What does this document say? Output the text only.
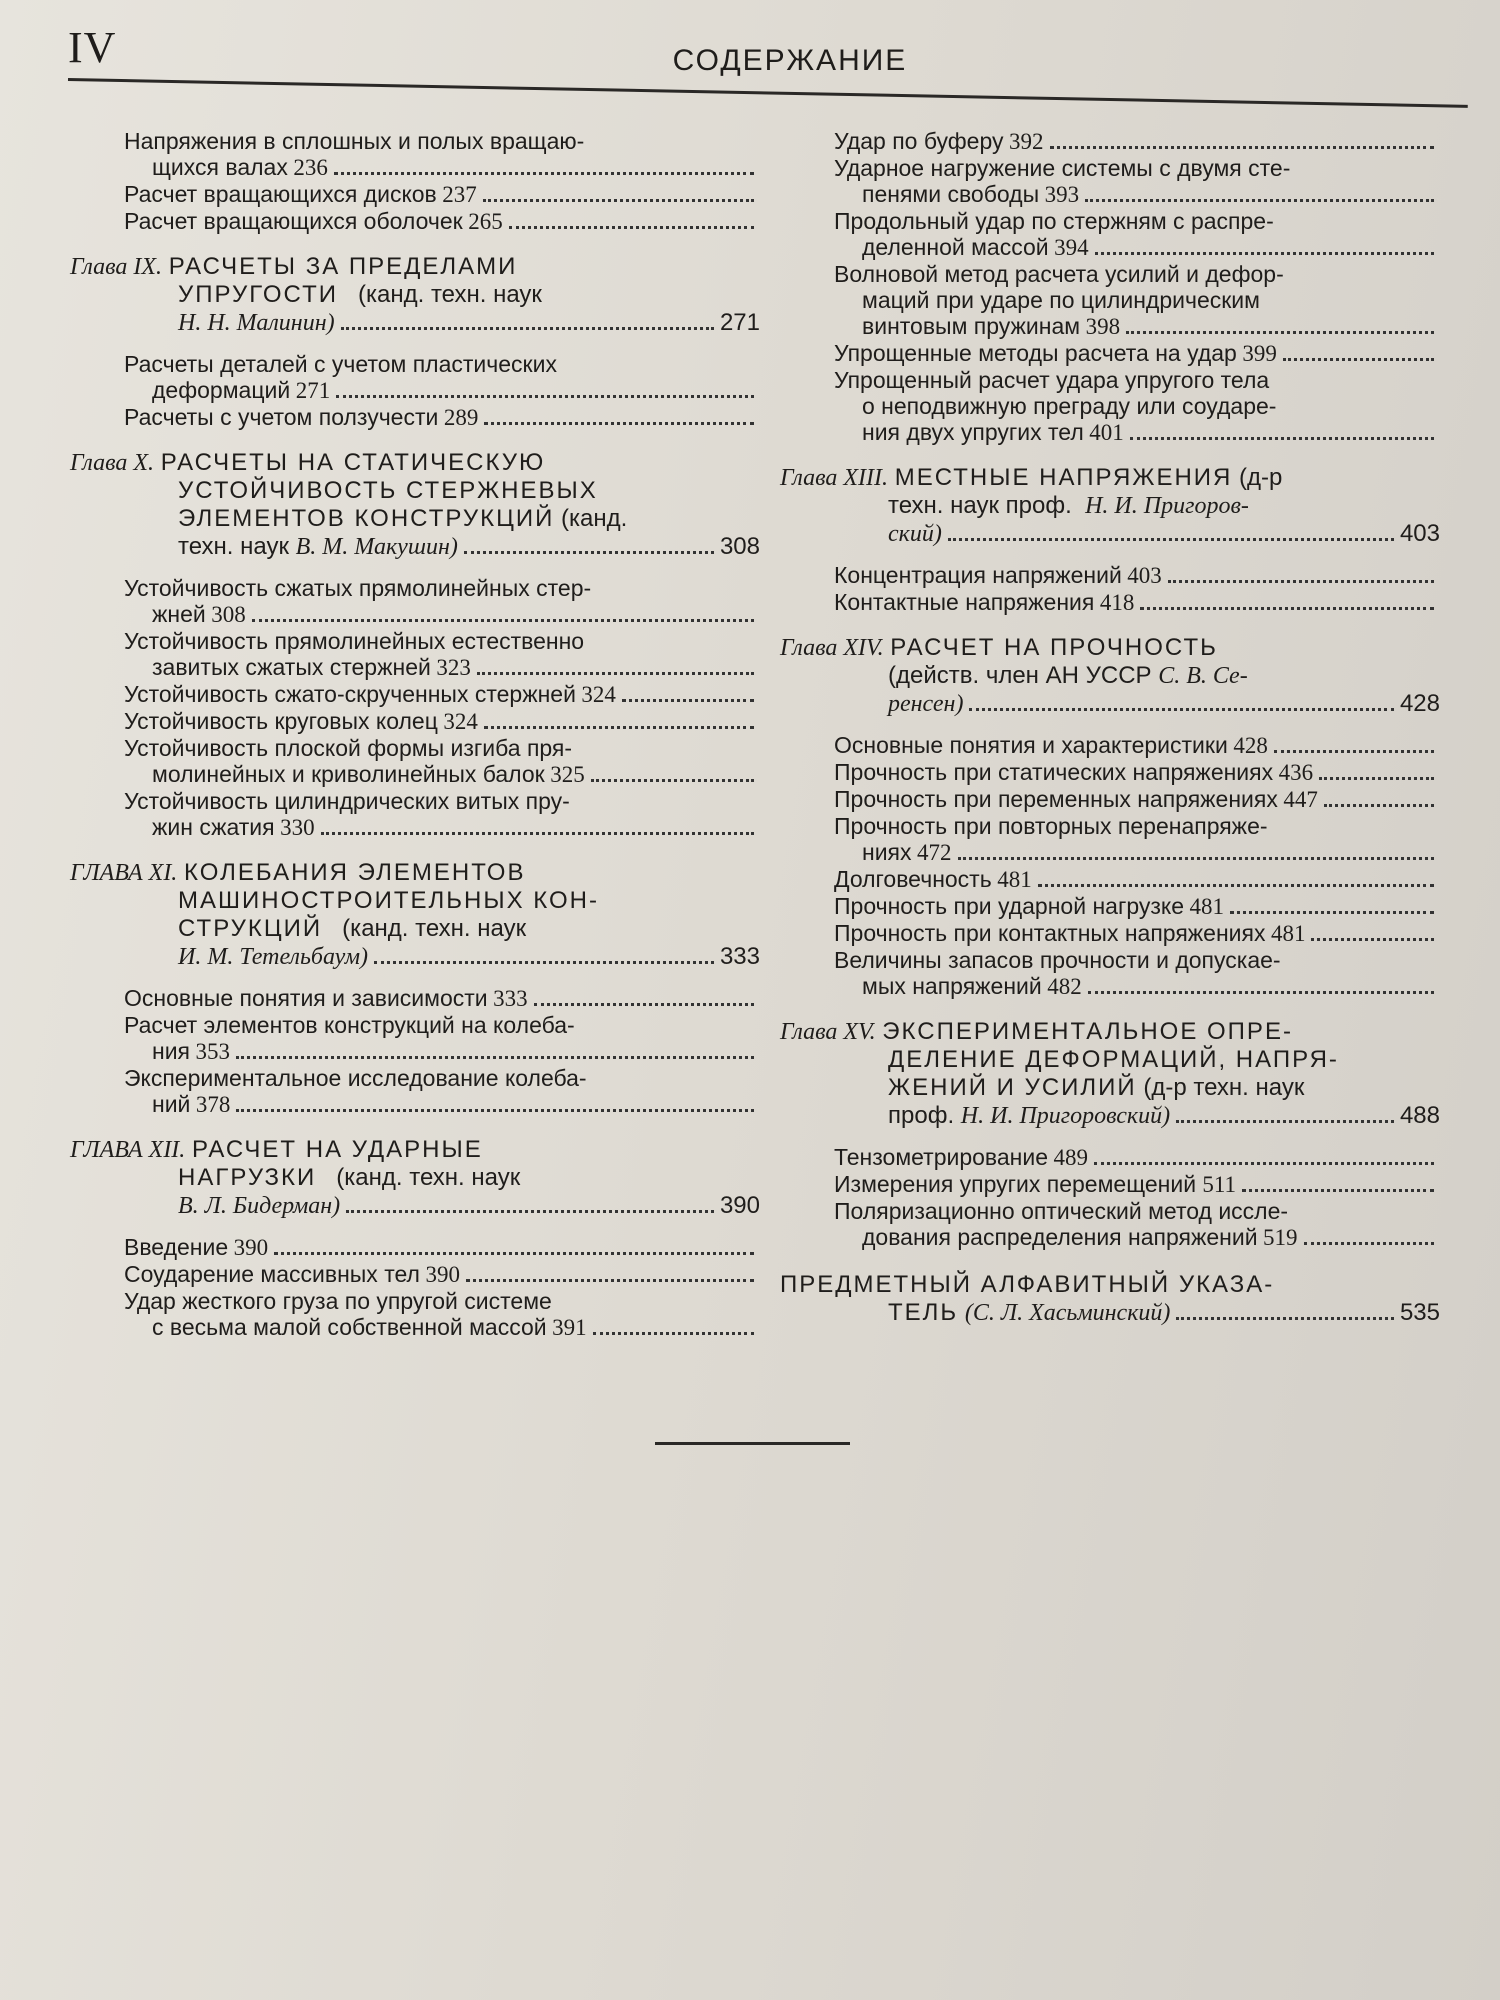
IV	СОДЕРЖАНИЕ
Напряжения в сплошных и полых вращаю-
щихся валах 236
Расчет вращающихся дисков 237
Расчет вращающихся оболочек 265
Глава IX.
РАСЧЕТЫ ЗА ПРЕДЕЛАМИ
УПРУГОСТИ
(канд. техн. наук
Н. Н. Малинин)	271
Расчеты деталей с учетом пластических
деформаций 271
Расчеты с учетом ползучести 289
Глава X.
РАСЧЕТЫ НА СТАТИЧЕСКУЮ
УСТОЙЧИВОСТЬ СТЕРЖНЕВЫХ
ЭЛЕМЕНТОВ КОНСТРУКЦИЙ
(канд.
техн. наук
В. М. Макушин)	308
Устойчивость сжатых прямолинейных стер-
жней 308
Устойчивость прямолинейных естественно
завитых сжатых стержней 323
Устойчивость сжато-скрученных стержней 324
Устойчивость круговых колец 324
Устойчивость плоской формы изгиба пря-
молинейных и криволинейных балок 325
Устойчивость цилиндрических витых пру-
жин сжатия 330
ГЛАВА XI.
КОЛЕБАНИЯ ЭЛЕМЕНТОВ
МАШИНОСТРОИТЕЛЬНЫХ КОН-
СТРУКЦИЙ
(канд. техн. наук
И. М. Тетельбаум)	333
Основные понятия и зависимости 333
Расчет элементов конструкций на колеба-
ния 353
Экспериментальное исследование колеба-
ний 378
ГЛАВА XII.
РАСЧЕТ НА УДАРНЫЕ
НАГРУЗКИ
(канд. техн. наук
В. Л. Бидерман)	390
Введение 390
Соударение массивных тел 390
Удар жесткого груза по упругой системе
с весьма малой собственной массой 391
Удар по буферу 392
Ударное нагружение системы с двумя сте-
пенями свободы 393
Продольный удар по стержням с распре-
деленной массой 394
Волновой метод расчета усилий и дефор-
маций при ударе по цилиндрическим
винтовым пружинам 398
Упрощенные методы расчета на удар 399
Упрощенный расчет удара упругого тела
о неподвижную преграду или соударе-
ния двух упругих тел 401
Глава XIII.
МЕСТНЫЕ НАПРЯЖЕНИЯ
(д-р
техн. наук проф.
Н. И. Пригоров-
ский)	403
Концентрация напряжений 403
Контактные напряжения 418
Глава XIV.
РАСЧЕТ НА ПРОЧНОСТЬ
(действ. член
АН УССР
С. В. Се-
ренсен)	428
Основные понятия и характеристики 428
Прочность при статических напряжениях 436
Прочность при переменных напряжениях 447
Прочность при повторных перенапряже-
ниях 472
Долговечность 481
Прочность при ударной нагрузке 481
Прочность при контактных напряжениях 481
Величины запасов прочности и допускае-
мых напряжений 482
Глава XV.
ЭКСПЕРИМЕНТАЛЬНОЕ ОПРЕ-
ДЕЛЕНИЕ ДЕФОРМАЦИЙ, НАПРЯ-
ЖЕНИЙ И УСИЛИЙ
(д-р техн. наук
проф.
Н. И. Пригоровский)	488
Тензометрирование 489
Измерения упругих перемещений 511
Поляризационно оптический метод иссле-
дования распределения напряжений 519
ПРЕДМЕТНЫЙ АЛФАВИТНЫЙ УКАЗА-
ТЕЛЬ
(С. Л. Хасьминский)	535
